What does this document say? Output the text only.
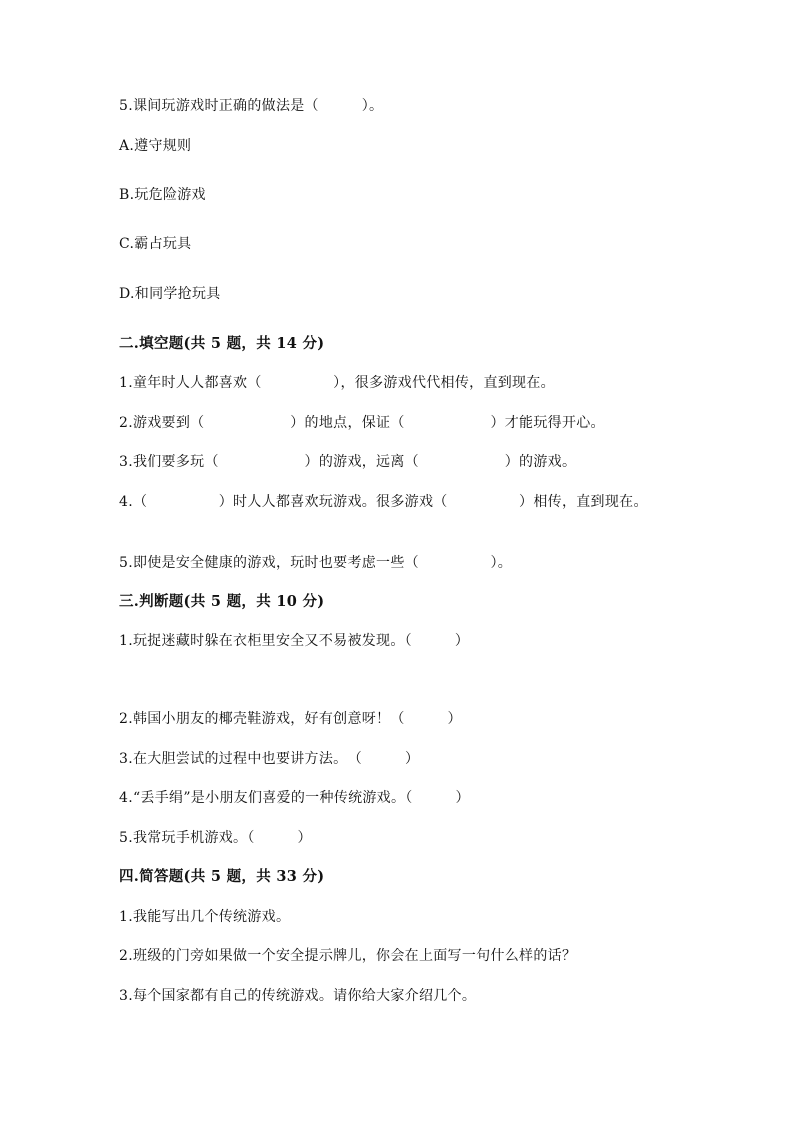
5.课间玩游戏时正确的做法是（　　　）。
A.遵守规则
B.玩危险游戏
C.霸占玩具
D.和同学抢玩具
二.填空题(共 5 题，共 14 分)
1.童年时人人都喜欢（　　　　　），很多游戏代代相传，直到现在。
2.游戏要到（　　　　　　）的地点，保证（　　　　　　）才能玩得开心。
3.我们要多玩（　　　　　　）的游戏，远离（　　　　　　）的游戏。
4.（　　　　　）时人人都喜欢玩游戏。很多游戏（　　　　　）相传，直到现在。
5.即使是安全健康的游戏，玩时也要考虑一些（　　　　　）。
三.判断题(共 5 题，共 10 分)
1.玩捉迷藏时躲在衣柜里安全又不易被发现。（　　　）
2.韩国小朋友的椰壳鞋游戏，好有创意呀！（　　　）
3.在大胆尝试的过程中也要讲方法。　（　　　）
4.“丢手绢”是小朋友们喜爱的一种传统游戏。（　　　）
5.我常玩手机游戏。（　　　）
四.简答题(共 5 题，共 33 分)
1.我能写出几个传统游戏。
2.班级的门旁如果做一个安全提示牌儿，你会在上面写一句什么样的话？
3.每个国家都有自己的传统游戏。请你给大家介绍几个。
